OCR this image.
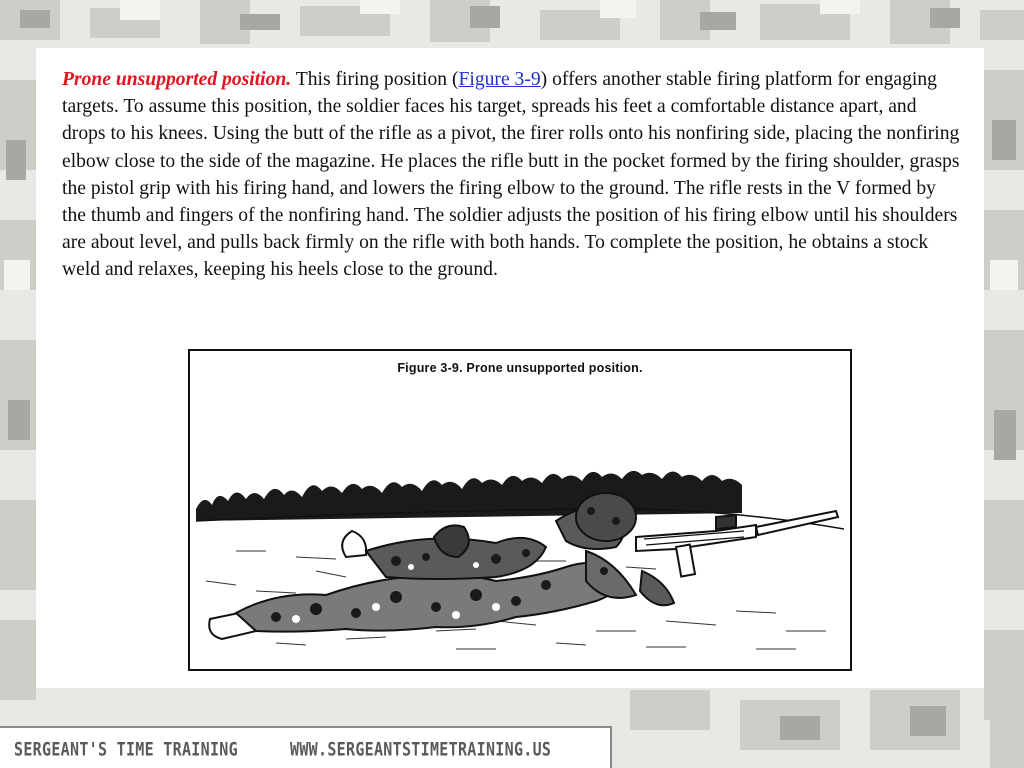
Prone unsupported position. This firing position (Figure 3-9) offers another stable firing platform for engaging targets. To assume this position, the soldier faces his target, spreads his feet a comfortable distance apart, and drops to his knees. Using the butt of the rifle as a pivot, the firer rolls onto his nonfiring side, placing the nonfiring elbow close to the side of the magazine. He places the rifle butt in the pocket formed by the firing shoulder, grasps the pistol grip with his firing hand, and lowers the firing elbow to the ground. The rifle rests in the V formed by the thumb and fingers of the nonfiring hand. The soldier adjusts the position of his firing elbow until his shoulders are about level, and pulls back firmly on the rifle with both hands. To complete the position, he obtains a stock weld and relaxes, keeping his heels close to the ground.

Figure 3-9. Prone unsupported position.
SERGEANT'S TIME TRAINING	WWW.SERGEANTSTIMETRAINING.US
